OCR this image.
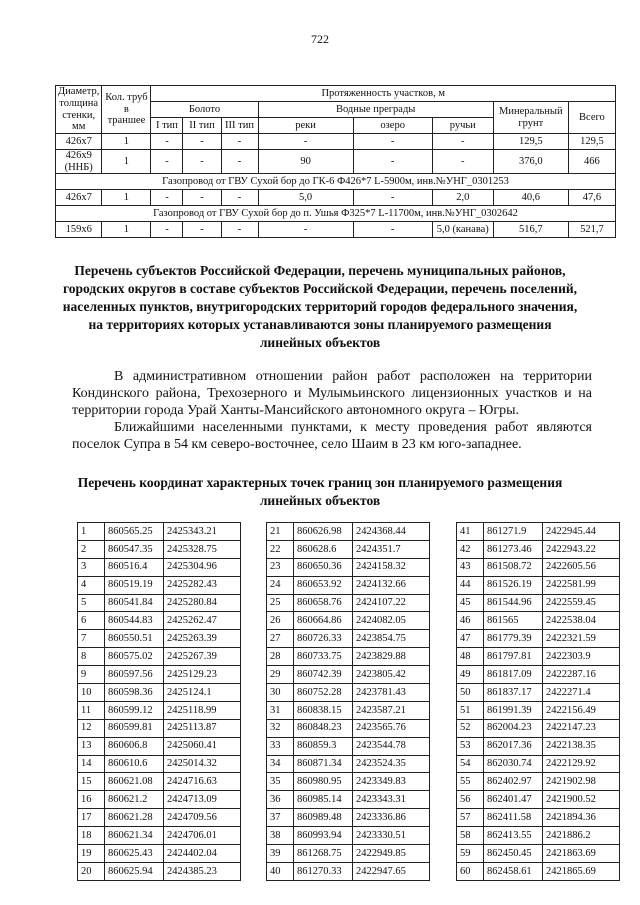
722
Диаметр, толщина стенки, мм	Кол. труб в траншее	Протяженность участков, м							
		Болото			Водные преграды			Минеральный грунт	Всего
		I тип	II тип	III тип	реки	озеро	ручьи		
426х7	1	-	-	-	-	-	-	129,5	129,5
426х9 (ННБ)	1	-	-	-	90	-	-	376,0	466
Газопровод от ГВУ Сухой бор до ГК-6 Ф426*7 L-5900м, инв.№УНГ_0301253									
426х7	1	-	-	-	5,0	-	2,0	40,6	47,6
Газопровод от ГВУ Сухой бор до п. Ушья Ф325*7 L-11700м, инв.№УНГ_0302642									
159х6	1	-	-	-	-	-	5,0 (канава)	516,7	521,7
Перечень субъектов Российской Федерации, перечень муниципальных районов, городских округов в составе субъектов Российской Федерации, перечень поселений, населенных пунктов, внутригородских территорий городов федерального значения, на территориях которых устанавливаются зоны планируемого размещения линейных объектов

В административном отношении район работ расположен на территории Кондинского района, Трехозерного и Мулымьинского лицензионных участков и на территории города Урай Ханты-Мансийского автономного округа – Югры.

Ближайшими населенными пунктами, к месту проведения работ являются поселок Супра в 54 км северо-восточнее, село Шаим в 23 км юго-западнее.

Перечень координат характерных точек границ зон планируемого размещения линейных объектов
1	860565.25	2425343.21
2	860547.35	2425328.75
3	860516.4	2425304.96
4	860519.19	2425282.43
5	860541.84	2425280.84
6	860544.83	2425262.47
7	860550.51	2425263.39
8	860575.02	2425267.39
9	860597.56	2425129.23
10	860598.36	2425124.1
11	860599.12	2425118.99
12	860599.81	2425113.87
13	860606.8	2425060.41
14	860610.6	2425014.32
15	860621.08	2424716.63
16	860621.2	2424713.09
17	860621.28	2424709.56
18	860621.34	2424706.01
19	860625.43	2424402.04
20	860625.94	2424385.23
21	860626.98	2424368.44
22	860628.6	2424351.7
23	860650.36	2424158.32
24	860653.92	2424132.66
25	860658.76	2424107.22
26	860664.86	2424082.05
27	860726.33	2423854.75
28	860733.75	2423829.88
29	860742.39	2423805.42
30	860752.28	2423781.43
31	860838.15	2423587.21
32	860848.23	2423565.76
33	860859.3	2423544.78
34	860871.34	2423524.35
35	860980.95	2423349.83
36	860985.14	2423343.31
37	860989.48	2423336.86
38	860993.94	2423330.51
39	861268.75	2422949.85
40	861270.33	2422947.65
41	861271.9	2422945.44
42	861273.46	2422943.22
43	861508.72	2422605.56
44	861526.19	2422581.99
45	861544.96	2422559.45
46	861565	2422538.04
47	861779.39	2422321.59
48	861797.81	2422303.9
49	861817.09	2422287.16
50	861837.17	2422271.4
51	861991.39	2422156.49
52	862004.23	2422147.23
53	862017.36	2422138.35
54	862030.74	2422129.92
55	862402.97	2421902.98
56	862401.47	2421900.52
57	862411.58	2421894.36
58	862413.55	2421886.2
59	862450.45	2421863.69
60	862458.61	2421865.69
